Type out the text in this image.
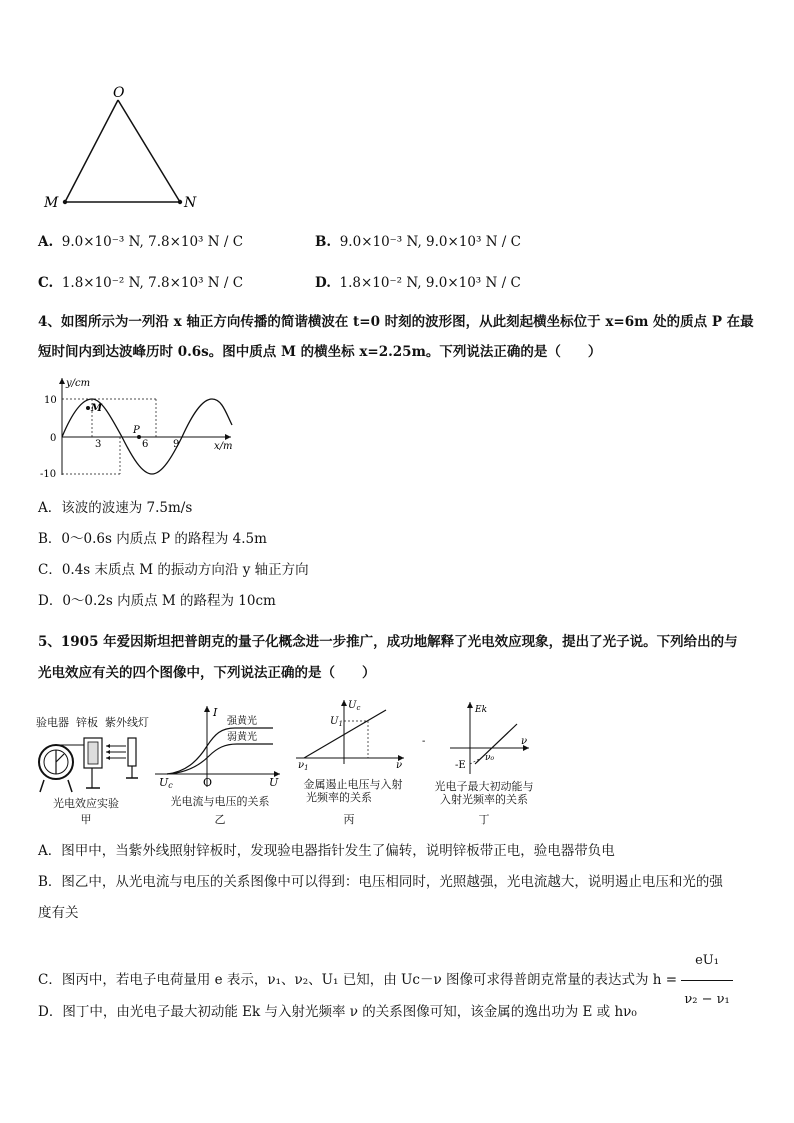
O
M	N
A. 9.0×10⁻³ N, 7.8×10³ N / C	B. 9.0×10⁻³ N, 9.0×10³ N / C
C. 1.8×10⁻² N, 7.8×10³ N / C	D. 1.8×10⁻² N, 9.0×10³ N / C
4、如图所示为一列沿 x 轴正方向传播的简谐横波在 t=0 时刻的波形图，从此刻起横坐标位于 x=6m 处的质点 P 在最
短时间内到达波峰历时 0.6s。图中质点 M 的横坐标 x=2.25m。下列说法正确的是（　　）
y/cm
x/m
10
0
-10
3	6 9
M
P
A．该波的波速为 7.5m/s
B．0～0.6s 内质点 P 的路程为 4.5m
C．0.4s 末质点 M 的振动方向沿 y 轴正方向
D．0～0.2s 内质点 M 的路程为 10cm
5、1905 年爱因斯坦把普朗克的量子化概念进一步推广，成功地解释了光电效应现象，提出了光子说。下列给出的与
光电效应有关的四个图像中，下列说法正确的是（　　）
验电器 锌板 紫外线灯
光电效应实验
甲
I
强黄光
弱黄光
Uc	O	U
光电流与电压的关系
乙
$U_c$
$U_1$
$\nu_1$	ν
金属遏止电压与入射
光频率的关系
丙
-
Ek
-E
ν₀
ν
光电子最大初动能与
入射光频率的关系
丁
A．图甲中，当紫外线照射锌板时，发现验电器指针发生了偏转，说明锌板带正电，验电器带负电
B．图乙中，从光电流与电压的关系图像中可以得到：电压相同时，光照越强，光电流越大，说明遏止电压和光的强
度有关
C．图丙中，若电子电荷量用 e 表示，ν₁、ν₂、U₁ 已知，由 Uc－ν 图像可求得普朗克常量的表达式为 $h = \frac{\text{eU₁}}{\text{ν₂ − ν₁}}$
D．图丁中，由光电子最大初动能 Ek 与入射光频率 ν 的关系图像可知，该金属的逸出功为 E 或 hν₀
